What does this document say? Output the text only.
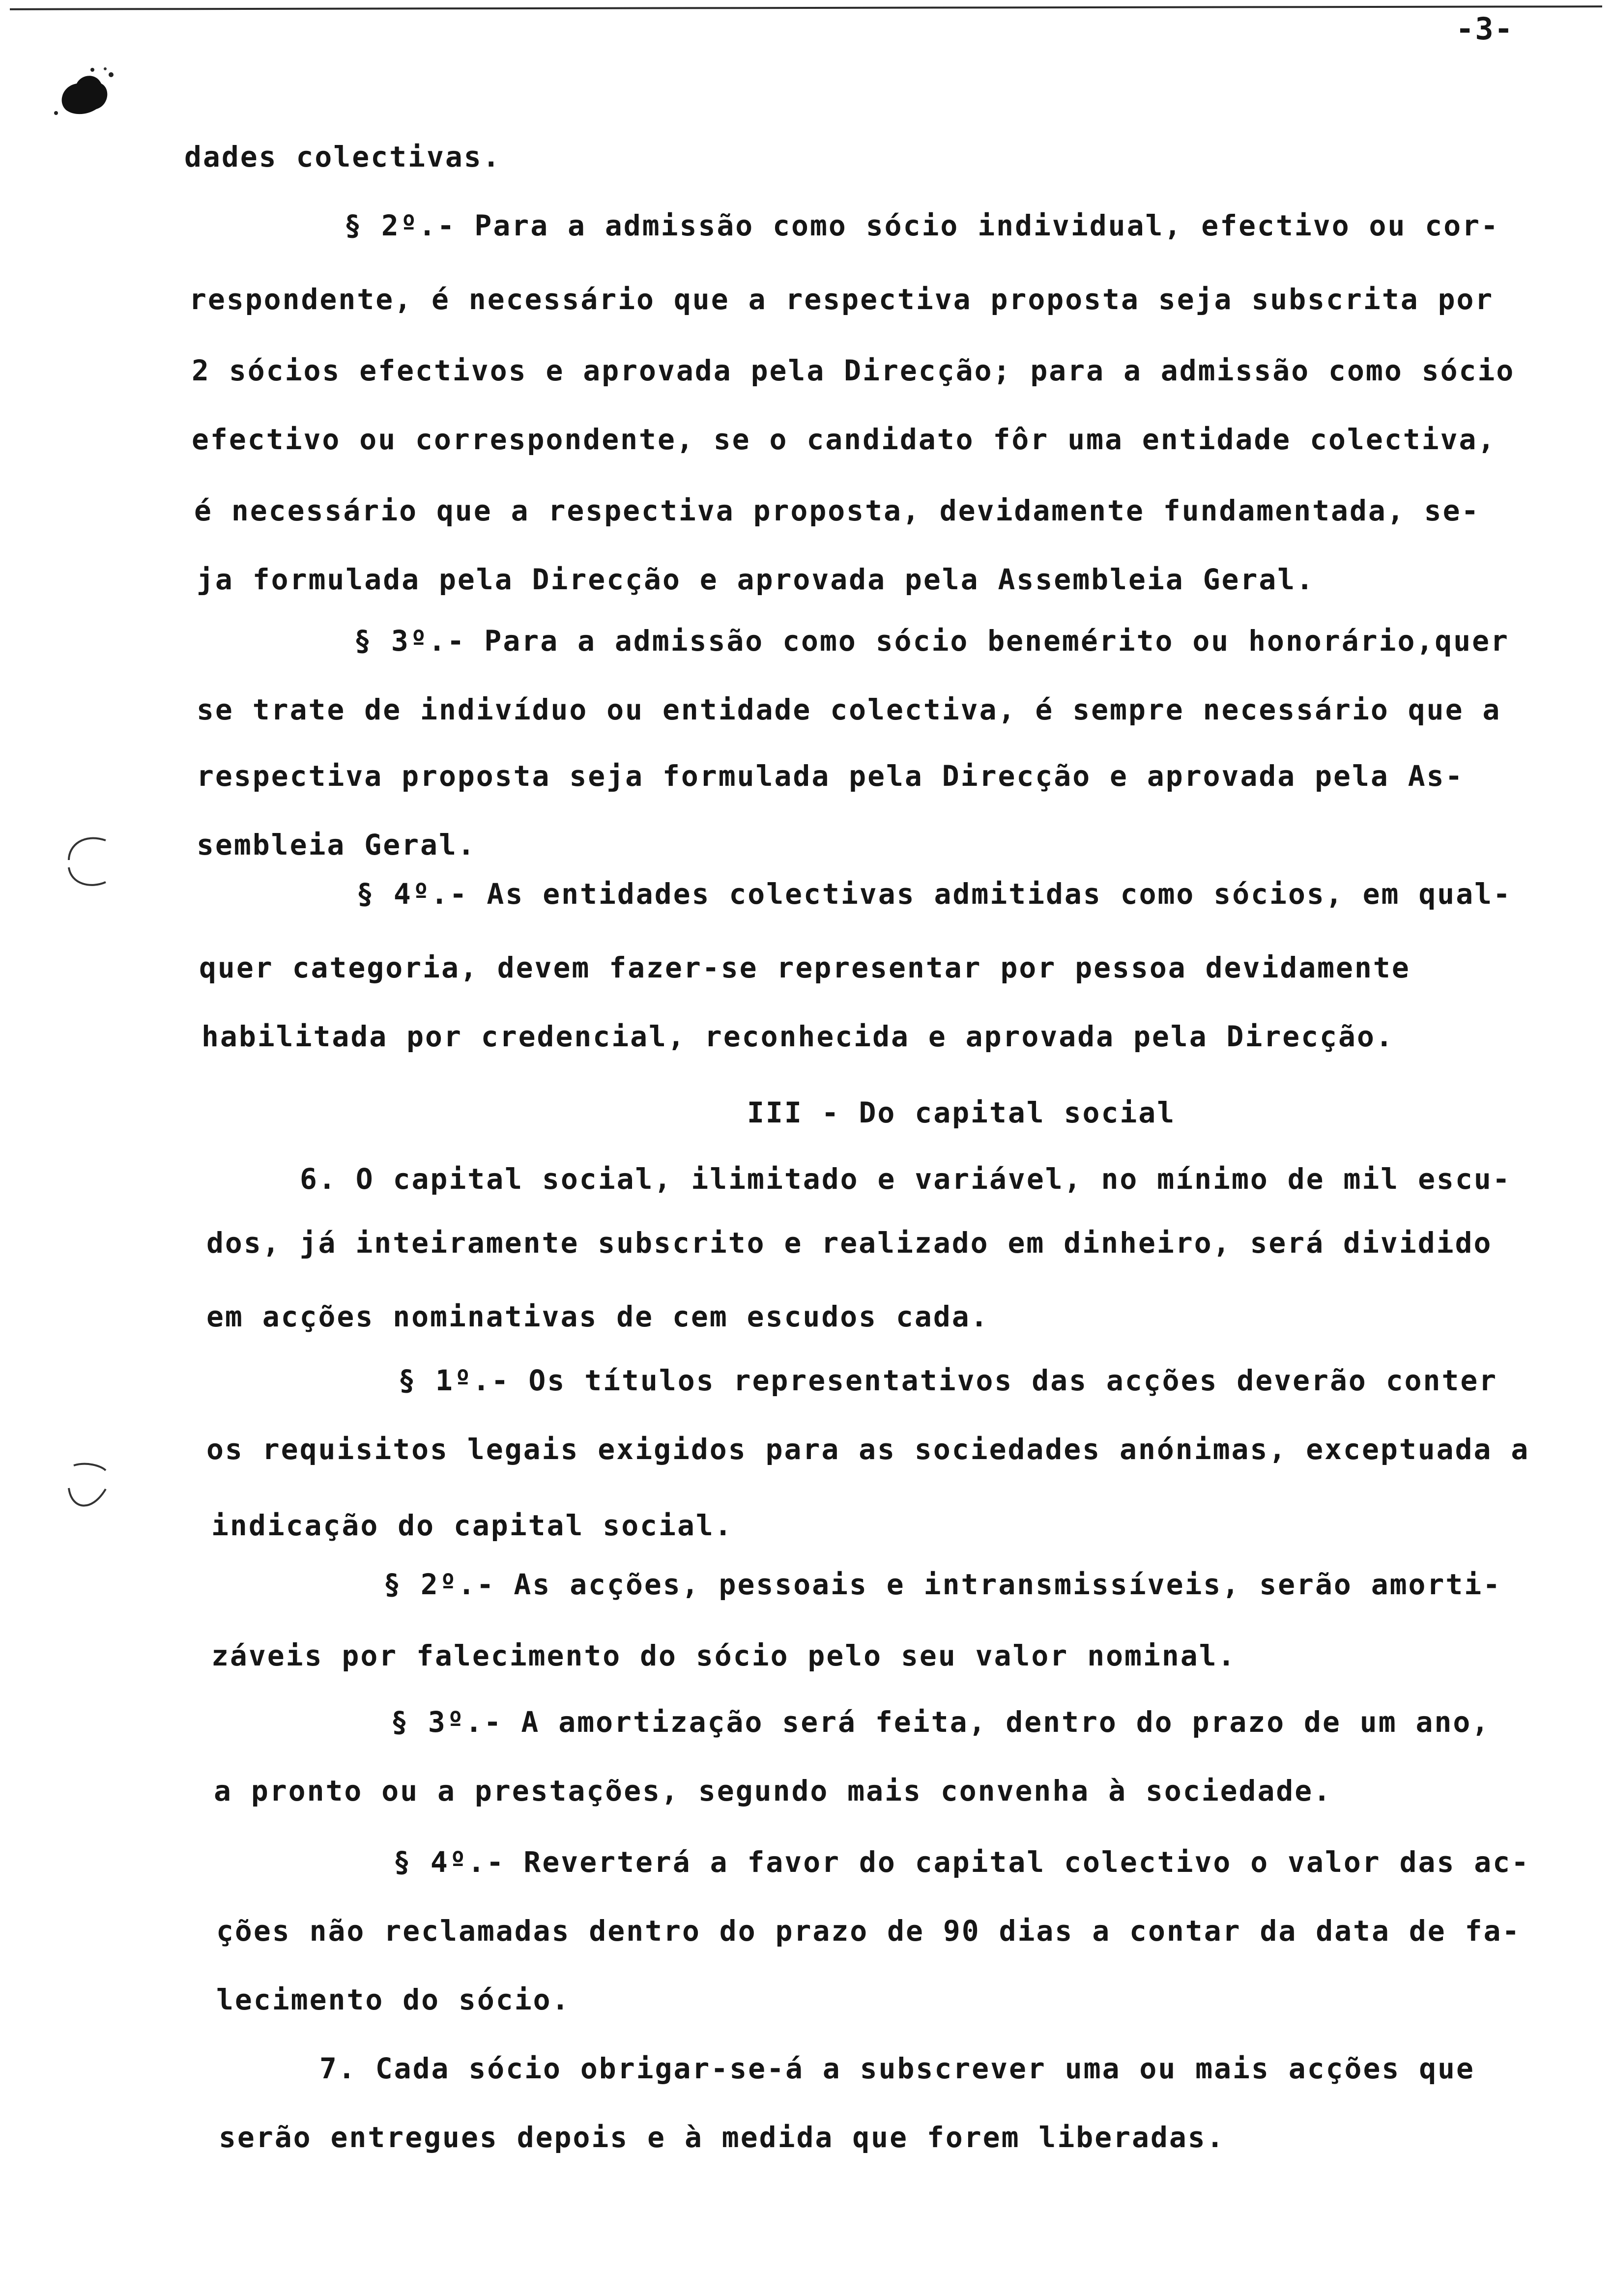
-3-
dades colectivas.
§ 2º.- Para a admissão como sócio individual, efectivo ou cor-
respondente, é necessário que a respectiva proposta seja subscrita por
2 sócios efectivos e aprovada pela Direcção; para a admissão como sócio
efectivo ou correspondente, se o candidato fôr uma entidade colectiva,
é necessário que a respectiva proposta, devidamente fundamentada, se-
ja formulada pela Direcção e aprovada pela Assembleia Geral.
§ 3º.- Para a admissão como sócio benemérito ou honorário,quer
se trate de indivíduo ou entidade colectiva, é sempre necessário que a
respectiva proposta seja formulada pela Direcção e aprovada pela As-
sembleia Geral.
§ 4º.- As entidades colectivas admitidas como sócios, em qual-
quer categoria, devem fazer-se representar por pessoa devidamente
habilitada por credencial, reconhecida e aprovada pela Direcção.
III - Do capital social
6. O capital social, ilimitado e variável, no mínimo de mil escu-
dos, já inteiramente subscrito e realizado em dinheiro, será dividido
em acções nominativas de cem escudos cada.
§ 1º.- Os títulos representativos das acções deverão conter
os requisitos legais exigidos para as sociedades anónimas, exceptuada a
indicação do capital social.
§ 2º.- As acções, pessoais e intransmissíveis, serão amorti-
záveis por falecimento do sócio pelo seu valor nominal.
§ 3º.- A amortização será feita, dentro do prazo de um ano,
a pronto ou a prestações, segundo mais convenha à sociedade.
§ 4º.- Reverterá a favor do capital colectivo o valor das ac-
ções não reclamadas dentro do prazo de 90 dias a contar da data de fa-
lecimento do sócio.
7. Cada sócio obrigar-se-á a subscrever uma ou mais acções que
serão entregues depois e à medida que forem liberadas.
